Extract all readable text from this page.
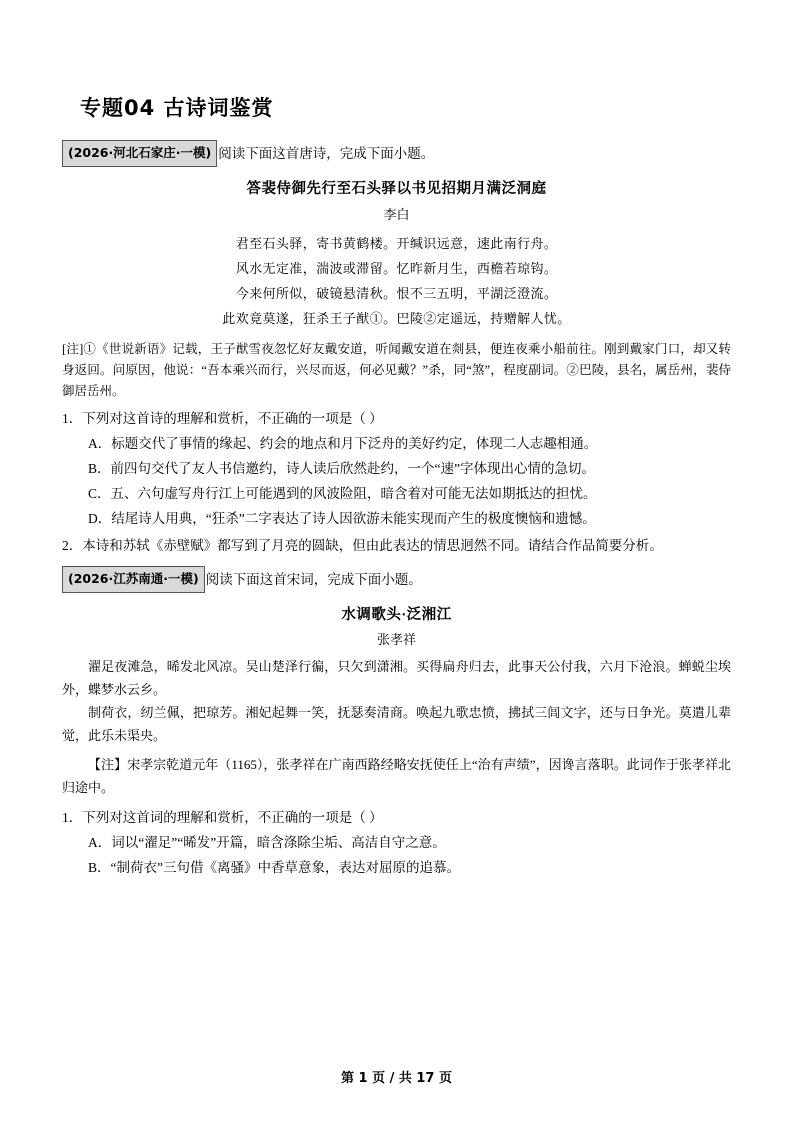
专题04 古诗词鉴赏
(2026·河北石家庄·一模) 阅读下面这首唐诗，完成下面小题。
答裴侍御先行至石头驿以书见招期月满泛洞庭
李白
君至石头驿，寄书黄鹤楼。开缄识远意，速此南行舟。
风水无定准，湍波或滞留。忆昨新月生，西檐若琼钩。
今来何所似，破镜悬清秋。恨不三五明，平湖泛澄流。
此欢竟莫遂，狂杀王子猷①。巴陵②定遥远，持赠解人忧。
[注]①《世说新语》记载，王子猷雪夜忽忆好友戴安道，听闻戴安道在剡县，便连夜乘小船前往。刚到戴家门口，却又转身返回。问原因，他说：“吾本乘兴而行，兴尽而返，何必见戴？”杀，同“煞”，程度副词。②巴陵，县名，属岳州，裴侍御居岳州。
1．下列对这首诗的理解和赏析，不正确的一项是（ ）
A．标题交代了事情的缘起、约会的地点和月下泛舟的美好约定，体现二人志趣相通。
B．前四句交代了友人书信邀约，诗人读后欣然赴约，一个“速”字体现出心情的急切。
C．五、六句虚写舟行江上可能遇到的风波险阻，暗含着对可能无法如期抵达的担忧。
D．结尾诗人用典，“狂杀”二字表达了诗人因欲游未能实现而产生的极度懊恼和遗憾。
2．本诗和苏轼《赤壁赋》都写到了月亮的圆缺，但由此表达的情思迥然不同。请结合作品简要分析。
(2026·江苏南通·一模) 阅读下面这首宋词，完成下面小题。
水调歌头·泛湘江
张孝祥
濯足夜滩急，晞发北风凉。吴山楚泽行徧，只欠到潇湘。买得扁舟归去，此事天公付我，六月下沧浪。蝉蜕尘埃外，蝶梦水云乡。
制荷衣，纫兰佩，把琼芳。湘妃起舞一笑，抚瑟奏清商。唤起九歌忠愤，拂拭三闾文字，还与日争光。莫遣儿辈觉，此乐未渠央。
【注】宋孝宗乾道元年（1165），张孝祥在广南西路经略安抚使任上“治有声绩”，因谗言落职。此词作于张孝祥北归途中。
1．下列对这首词的理解和赏析，不正确的一项是（ ）
A．词以“濯足”“晞发”开篇，暗含涤除尘垢、高洁自守之意。
B．“制荷衣”三句借《离骚》中香草意象，表达对屈原的追慕。
第 1 页 / 共 17 页
